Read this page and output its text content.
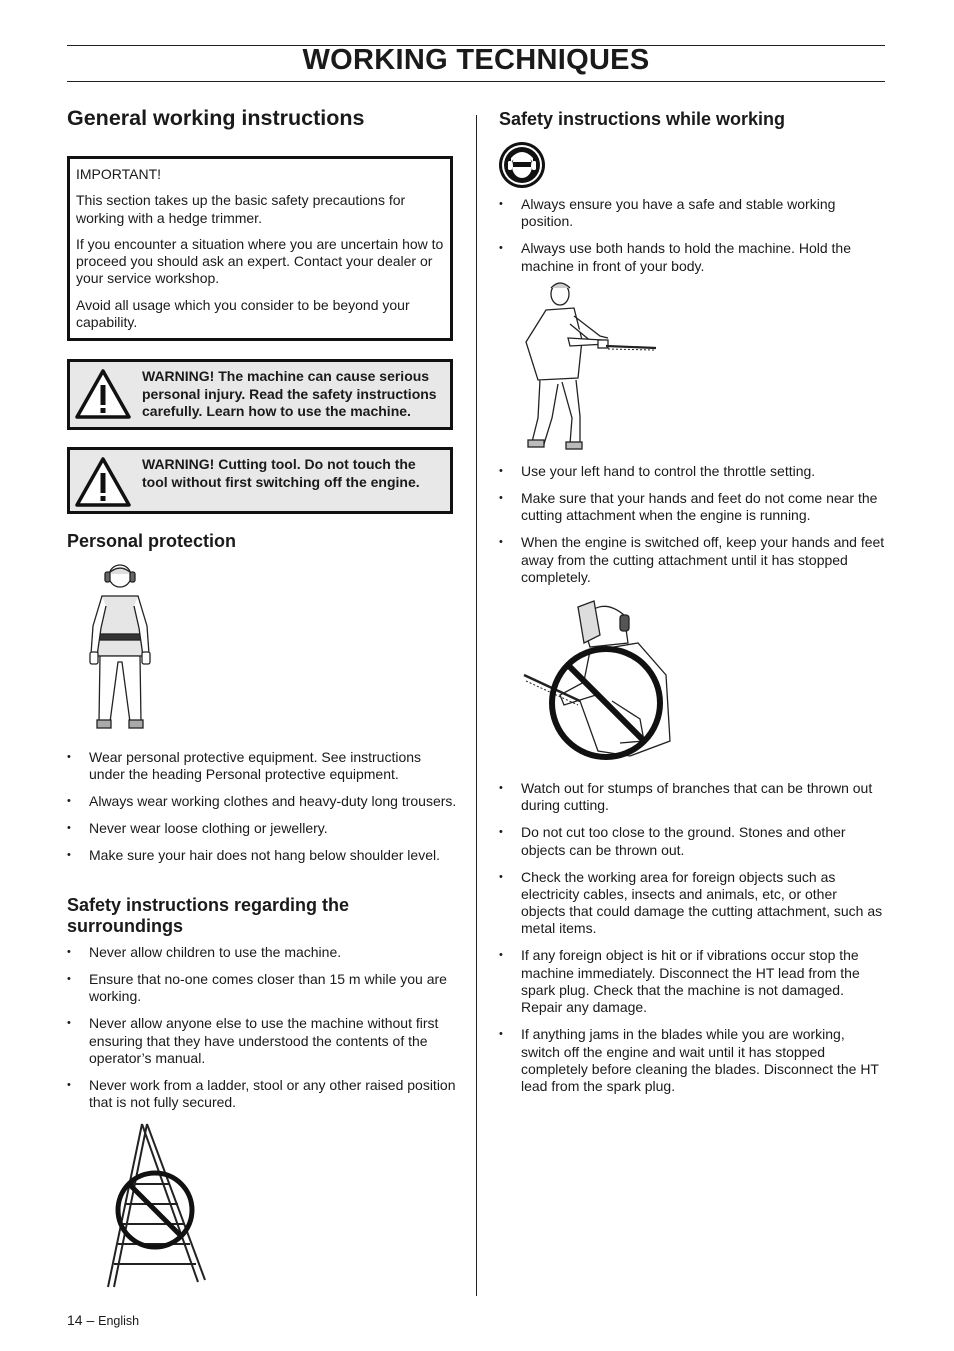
WORKING TECHNIQUES
General working instructions

IMPORTANT!

This section takes up the basic safety precautions for working with a hedge trimmer.

If you encounter a situation where you are uncertain how to proceed you should ask an expert. Contact your dealer or your service workshop.

Avoid all usage which you consider to be beyond your capability.

WARNING! The machine can cause serious personal injury. Read the safety instructions carefully. Learn how to use the machine.
WARNING! Cutting tool. Do not touch the tool without first switching off the engine.
Personal protection
• Wear personal protective equipment. See instructions under the heading Personal protective equipment.
• Always wear working clothes and heavy-duty long trousers.
• Never wear loose clothing or jewellery.
• Make sure your hair does not hang below shoulder level.
Safety instructions regarding the surroundings
• Never allow children to use the machine.
• Ensure that no-one comes closer than 15 m while you are working.
• Never allow anyone else to use the machine without first ensuring that they have understood the contents of the operator’s manual.
• Never work from a ladder, stool or any other raised position that is not fully secured.
Safety instructions while working
• Always ensure you have a safe and stable working position.
• Always use both hands to hold the machine. Hold the machine in front of your body.
• Use your left hand to control the throttle setting.
• Make sure that your hands and feet do not come near the cutting attachment when the engine is running.
• When the engine is switched off, keep your hands and feet away from the cutting attachment until it has stopped completely.
• Watch out for stumps of branches that can be thrown out during cutting.
• Do not cut too close to the ground. Stones and other objects can be thrown out.
• Check the working area for foreign objects such as electricity cables, insects and animals, etc, or other objects that could damage the cutting attachment, such as metal items.
• If any foreign object is hit or if vibrations occur stop the machine immediately. Disconnect the HT lead from the spark plug. Check that the machine is not damaged. Repair any damage.
• If anything jams in the blades while you are working, switch off the engine and wait until it has stopped completely before cleaning the blades. Disconnect the HT lead from the spark plug.
14 – English
